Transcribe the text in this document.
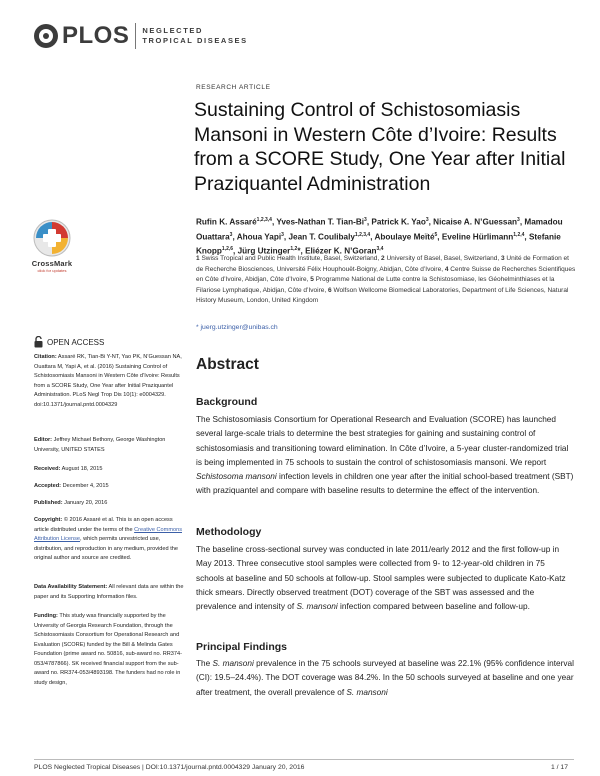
PLOS NEGLECTED
TROPICAL DISEASES
RESEARCH ARTICLE
Sustaining Control of Schistosomiasis Mansoni in Western Côte d’Ivoire: Results from a SCORE Study, One Year after Initial Praziquantel Administration
Rufin K. Assaré$^{1,2,3,4}$, Yves-Nathan T. Tian-Bi$^3$, Patrick K. Yao$^3$, Nicaise A. N’Guessan$^3$, Mamadou Ouattara$^3$, Ahoua Yapi$^3$, Jean T. Coulibaly$^{1,2,3,4}$, Aboulaye Meïté$^5$, Eveline Hürlimann$^{1,2,4}$, Stefanie Knopp$^{1,2,6}$, Jürg Utzinger$^{1,2}$*, Eliézer K. N’Goran$^{3,4}$
1 Swiss Tropical and Public Health Institute, Basel, Switzerland, 2 University of Basel, Basel, Switzerland, 3 Unité de Formation et de Recherche Biosciences, Université Félix Houphouët-Boigny, Abidjan, Côte d’Ivoire, 4 Centre Suisse de Recherches Scientifiques en Côte d’Ivoire, Abidjan, Côte d’Ivoire, 5 Programme National de Lutte contre la Schistosomiase, les Géohelminthiases et la Filariose Lymphatique, Abidjan, Côte d’Ivoire, 6 Wolfson Wellcome Biomedical Laboratories, Department of Life Sciences, Natural History Museum, London, United Kingdom
* juerg.utzinger@unibas.ch
Abstract
Background

The Schistosomiasis Consortium for Operational Research and Evaluation (SCORE) has launched several large-scale trials to determine the best strategies for gaining and sustaining control of schistosomiasis and transitioning toward elimination. In Côte d’Ivoire, a 5-year cluster-randomized trial is being implemented in 75 schools to sustain the control of schistosomiasis mansoni. We report Schistosoma mansoni infection levels in children one year after the initial school-based treatment (SBT) with praziquantel and compare with baseline results to determine the effect of the intervention.

Methodology

The baseline cross-sectional survey was conducted in late 2011/early 2012 and the first follow-up in May 2013. Three consecutive stool samples were collected from 9- to 12-year-old children in 75 schools at baseline and 50 schools at follow-up. Stool samples were subjected to duplicate Kato-Katz thick smears. Directly observed treatment (DOT) coverage of the SBT was assessed and the prevalence and intensity of S. mansoni infection compared between baseline and follow-up.

Principal Findings

The S. mansoni prevalence in the 75 schools surveyed at baseline was 22.1% (95% confidence interval (CI): 19.5–24.4%). The DOT coverage was 84.2%. In the 50 schools surveyed at baseline and one year after treatment, the overall prevalence of S. mansoni

CrossMark
click for updates
OPEN ACCESS
Citation: Assaré RK, Tian-Bi Y-NT, Yao PK, N’Guessan NA, Ouattara M, Yapi A, et al. (2016) Sustaining Control of Schistosomiasis Mansoni in Western Côte d’Ivoire: Results from a SCORE Study, One Year after Initial Praziquantel Administration. PLoS Negl Trop Dis 10(1): e0004329. doi:10.1371/journal.pntd.0004329
Editor: Jeffrey Michael Bethony, George Washington University, UNITED STATES
Received: August 18, 2015
Accepted: December 4, 2015
Published: January 20, 2016
Copyright: © 2016 Assaré et al. This is an open access article distributed under the terms of the Creative Commons Attribution License, which permits unrestricted use, distribution, and reproduction in any medium, provided the original author and source are credited.
Data Availability Statement: All relevant data are within the paper and its Supporting Information files.
Funding: This study was financially supported by the University of Georgia Research Foundation, through the Schistosomiasis Consortium for Operational Research and Evaluation (SCORE) funded by the Bill & Melinda Gates Foundation (prime award no. 50816, sub-award no. RR374-053/4787866). SK received financial support from the sub-award no. RR374-053/4893198. The funders had no role in study design,
PLOS Neglected Tropical Diseases | DOI:10.1371/journal.pntd.0004329 January 20, 2016	1 / 17
